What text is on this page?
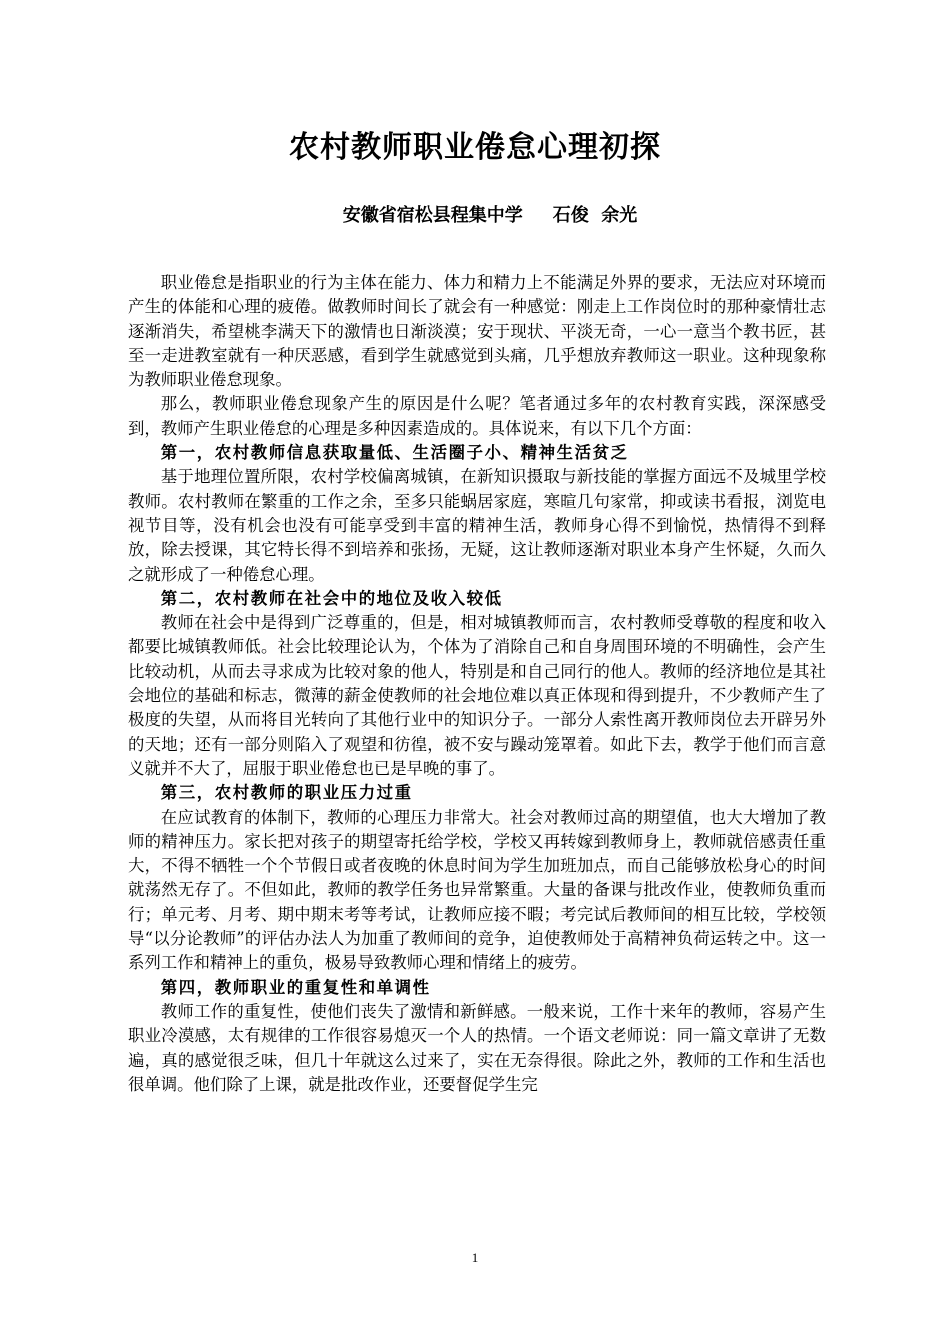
农村教师职业倦怠心理初探
安徽省宿松县程集中学 石俊 余光

职业倦怠是指职业的行为主体在能力、体力和精力上不能满足外界的要求，无法应对环境而产生的体能和心理的疲倦。做教师时间长了就会有一种感觉：刚走上工作岗位时的那种豪情壮志逐渐消失，希望桃李满天下的激情也日渐淡漠；安于现状、平淡无奇，一心一意当个教书匠，甚至一走进教室就有一种厌恶感，看到学生就感觉到头痛，几乎想放弃教师这一职业。这种现象称为教师职业倦怠现象。

那么，教师职业倦怠现象产生的原因是什么呢？笔者通过多年的农村教育实践，深深感受到，教师产生职业倦怠的心理是多种因素造成的。具体说来，有以下几个方面：

第一，农村教师信息获取量低、生活圈子小、精神生活贫乏

基于地理位置所限，农村学校偏离城镇，在新知识摄取与新技能的掌握方面远不及城里学校教师。农村教师在繁重的工作之余，至多只能蜗居家庭，寒暄几句家常，抑或读书看报，浏览电视节目等，没有机会也没有可能享受到丰富的精神生活，教师身心得不到愉悦，热情得不到释放，除去授课，其它特长得不到培养和张扬，无疑，这让教师逐渐对职业本身产生怀疑，久而久之就形成了一种倦怠心理。

第二，农村教师在社会中的地位及收入较低

教师在社会中是得到广泛尊重的，但是，相对城镇教师而言，农村教师受尊敬的程度和收入都要比城镇教师低。社会比较理论认为，个体为了消除自己和自身周围环境的不明确性，会产生比较动机，从而去寻求成为比较对象的他人，特别是和自己同行的他人。教师的经济地位是其社会地位的基础和标志，微薄的薪金使教师的社会地位难以真正体现和得到提升，不少教师产生了极度的失望，从而将目光转向了其他行业中的知识分子。一部分人索性离开教师岗位去开辟另外的天地；还有一部分则陷入了观望和彷徨，被不安与躁动笼罩着。如此下去，教学于他们而言意义就并不大了，屈服于职业倦怠也已是早晚的事了。

第三，农村教师的职业压力过重

在应试教育的体制下，教师的心理压力非常大。社会对教师过高的期望值，也大大增加了教师的精神压力。家长把对孩子的期望寄托给学校，学校又再转嫁到教师身上，教师就倍感责任重大，不得不牺牲一个个节假日或者夜晚的休息时间为学生加班加点，而自己能够放松身心的时间就荡然无存了。不但如此，教师的教学任务也异常繁重。大量的备课与批改作业，使教师负重而行；单元考、月考、期中期末考等考试，让教师应接不暇；考完试后教师间的相互比较，学校领导“以分论教师”的评估办法人为加重了教师间的竞争，迫使教师处于高精神负荷运转之中。这一系列工作和精神上的重负，极易导致教师心理和情绪上的疲劳。

第四，教师职业的重复性和单调性

教师工作的重复性，使他们丧失了激情和新鲜感。一般来说，工作十来年的教师，容易产生职业冷漠感，太有规律的工作很容易熄灭一个人的热情。一个语文老师说：同一篇文章讲了无数遍，真的感觉很乏味，但几十年就这么过来了，实在无奈得很。除此之外，教师的工作和生活也很单调。他们除了上课，就是批改作业，还要督促学生完

1
